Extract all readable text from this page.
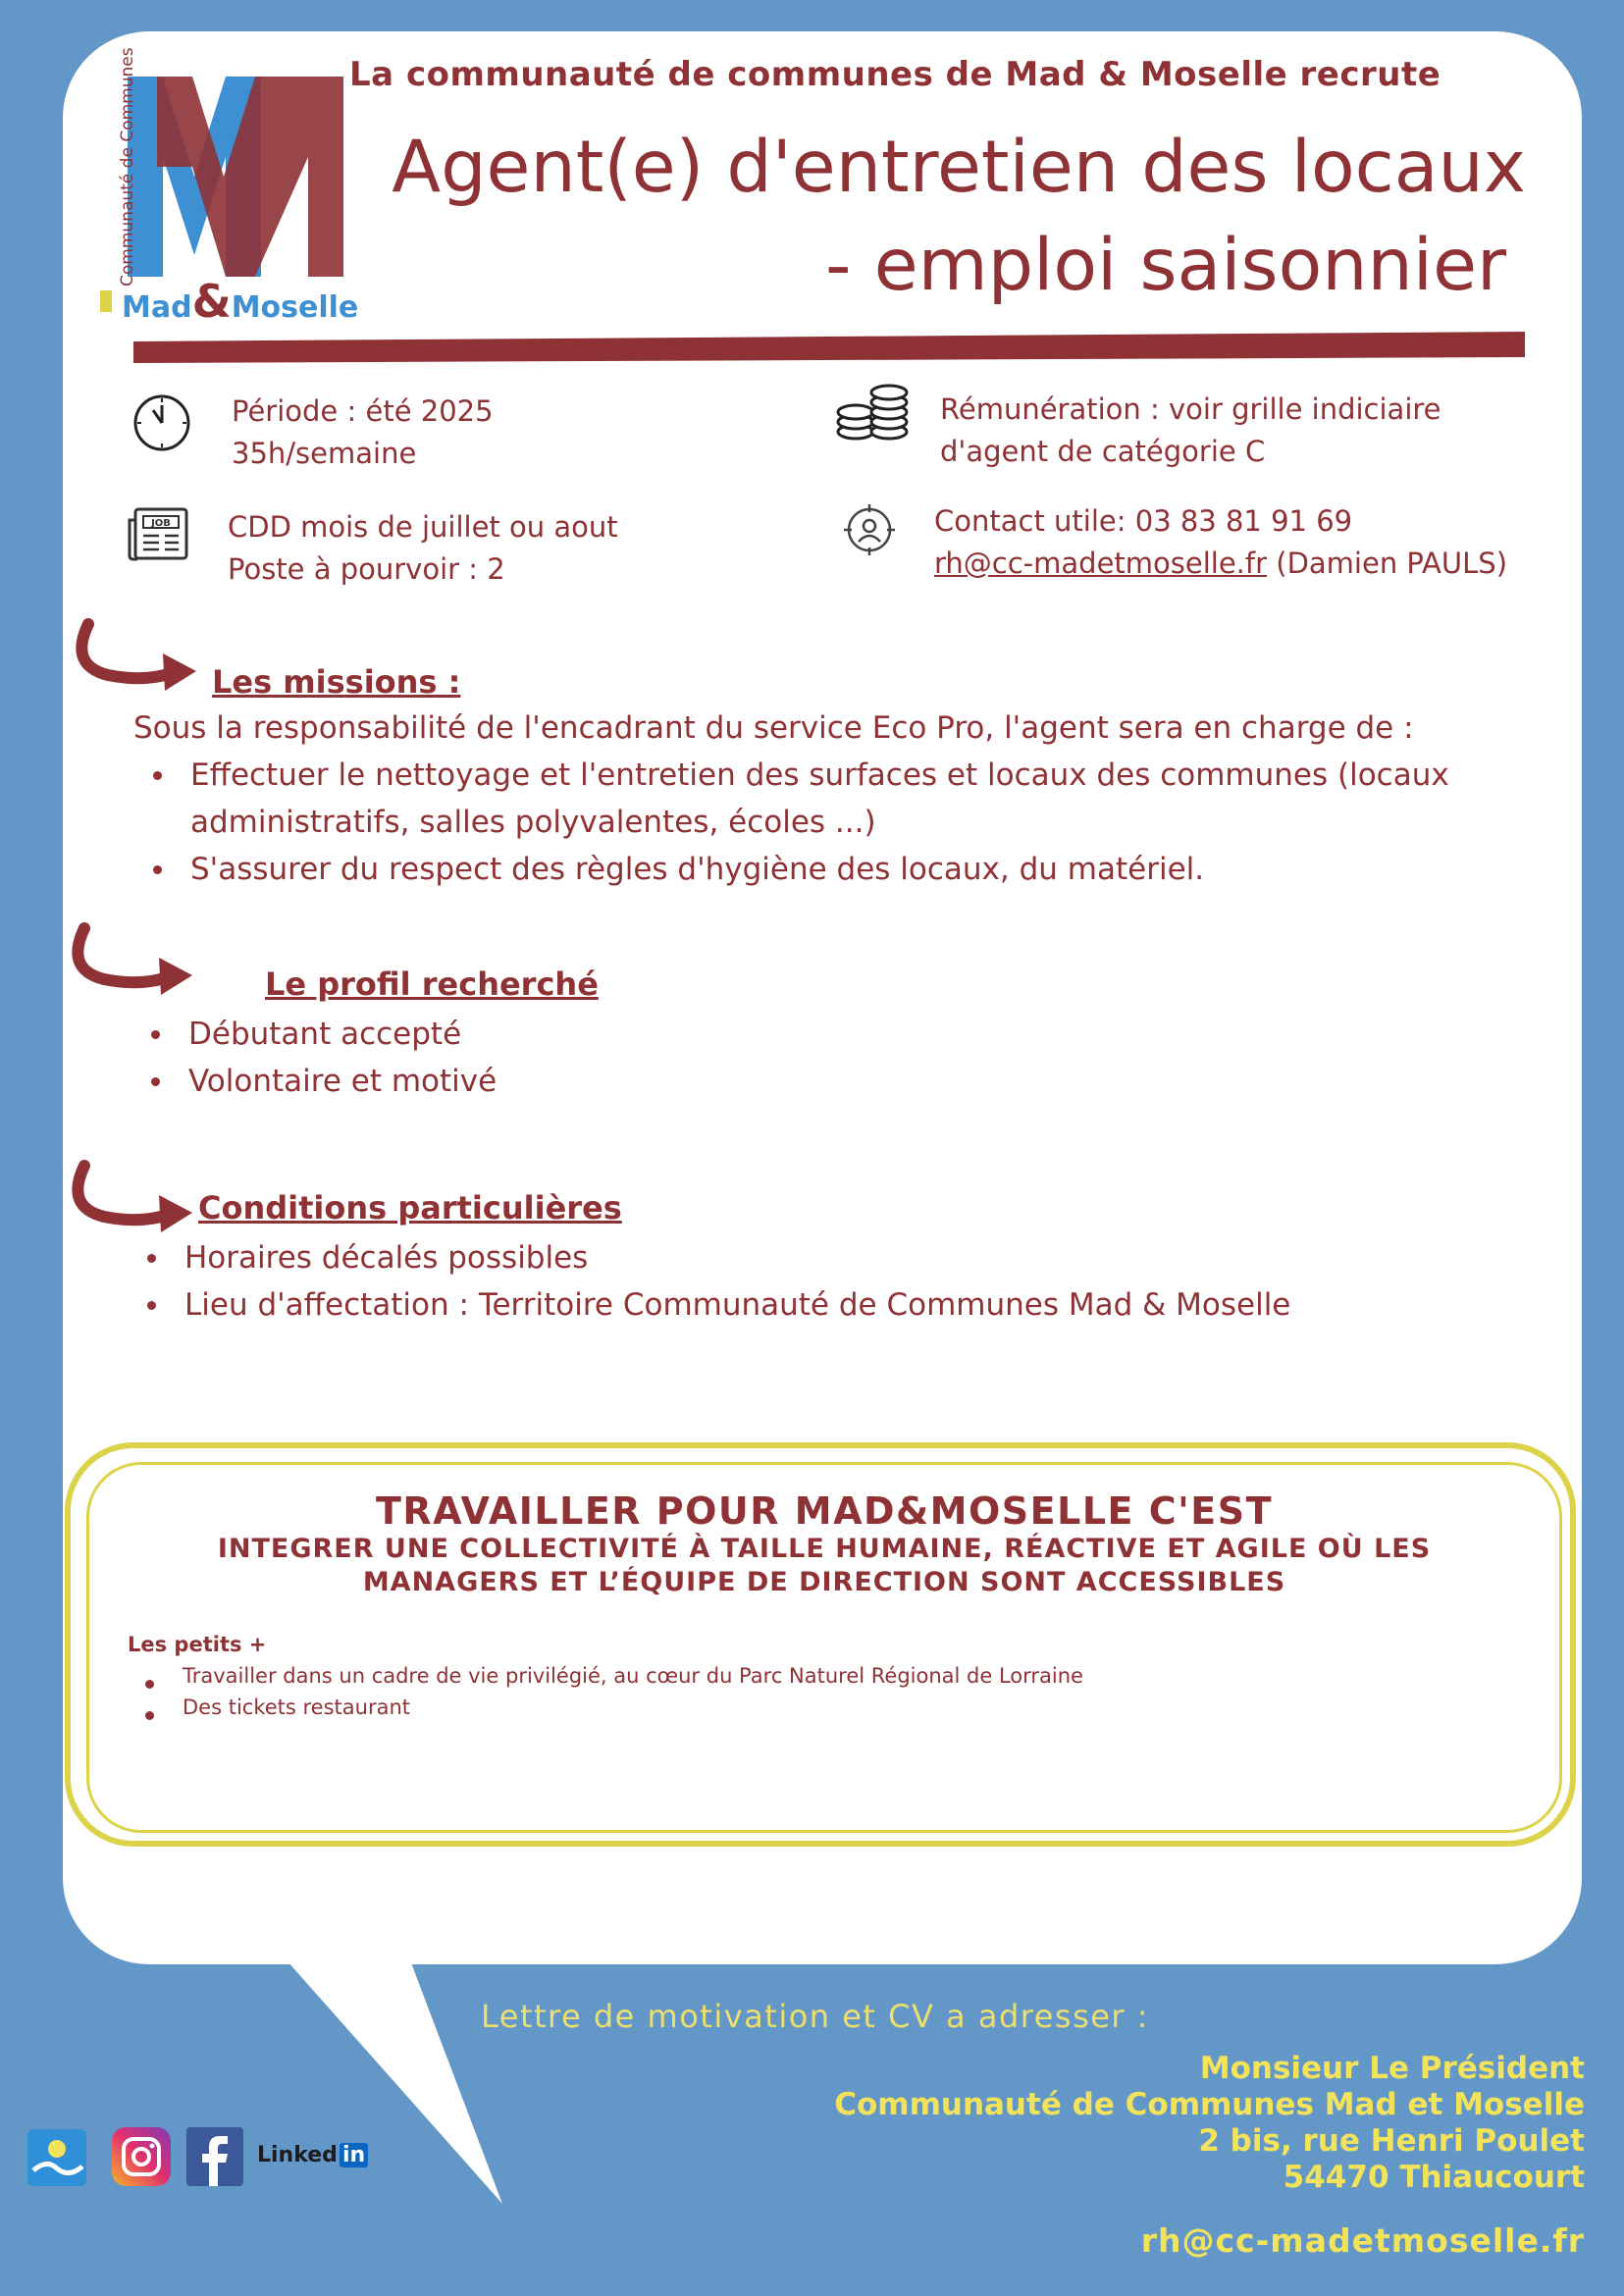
Communauté de Communes
Mad&Moselle
La communauté de communes de Mad & Moselle recrute
Agent(e) d'entretien des locaux
- emploi saisonnier
Période : été 2025
35h/semaine
Rémunération : voir grille indiciaire
d'agent de catégorie C
JOB CDD mois de juillet ou aout
Poste à pourvoir : 2
Contact utile: 03 83 81 91 69
rh@cc-madetmoselle.fr (Damien PAULS)
Les missions :
Sous la responsabilité de l'encadrant du service Eco Pro, l'agent sera en charge de :
Effectuer le nettoyage et l'entretien des surfaces et locaux des communes (locaux
administratifs, salles polyvalentes, écoles ...)
S'assurer du respect des règles d'hygiène des locaux, du matériel.
Le profil recherché
Débutant accepté
Volontaire et motivé
Conditions particulières
Horaires décalés possibles
Lieu d'affectation : Territoire Communauté de Communes Mad & Moselle
TRAVAILLER POUR MAD&MOSELLE C'EST
INTEGRER UNE COLLECTIVITÉ À TAILLE HUMAINE, RÉACTIVE ET AGILE OÙ LES
MANAGERS ET L’ÉQUIPE DE DIRECTION SONT ACCESSIBLES
Les petits +
Travailler dans un cadre de vie privilégié, au cœur du Parc Naturel Régional de Lorraine
Des tickets restaurant
Lettre de motivation et CV a adresser :
Monsieur Le Président
Communauté de Communes Mad et Moselle
2 bis, rue Henri Poulet
54470 Thiaucourt
rh@cc-madetmoselle.fr
Linked in
